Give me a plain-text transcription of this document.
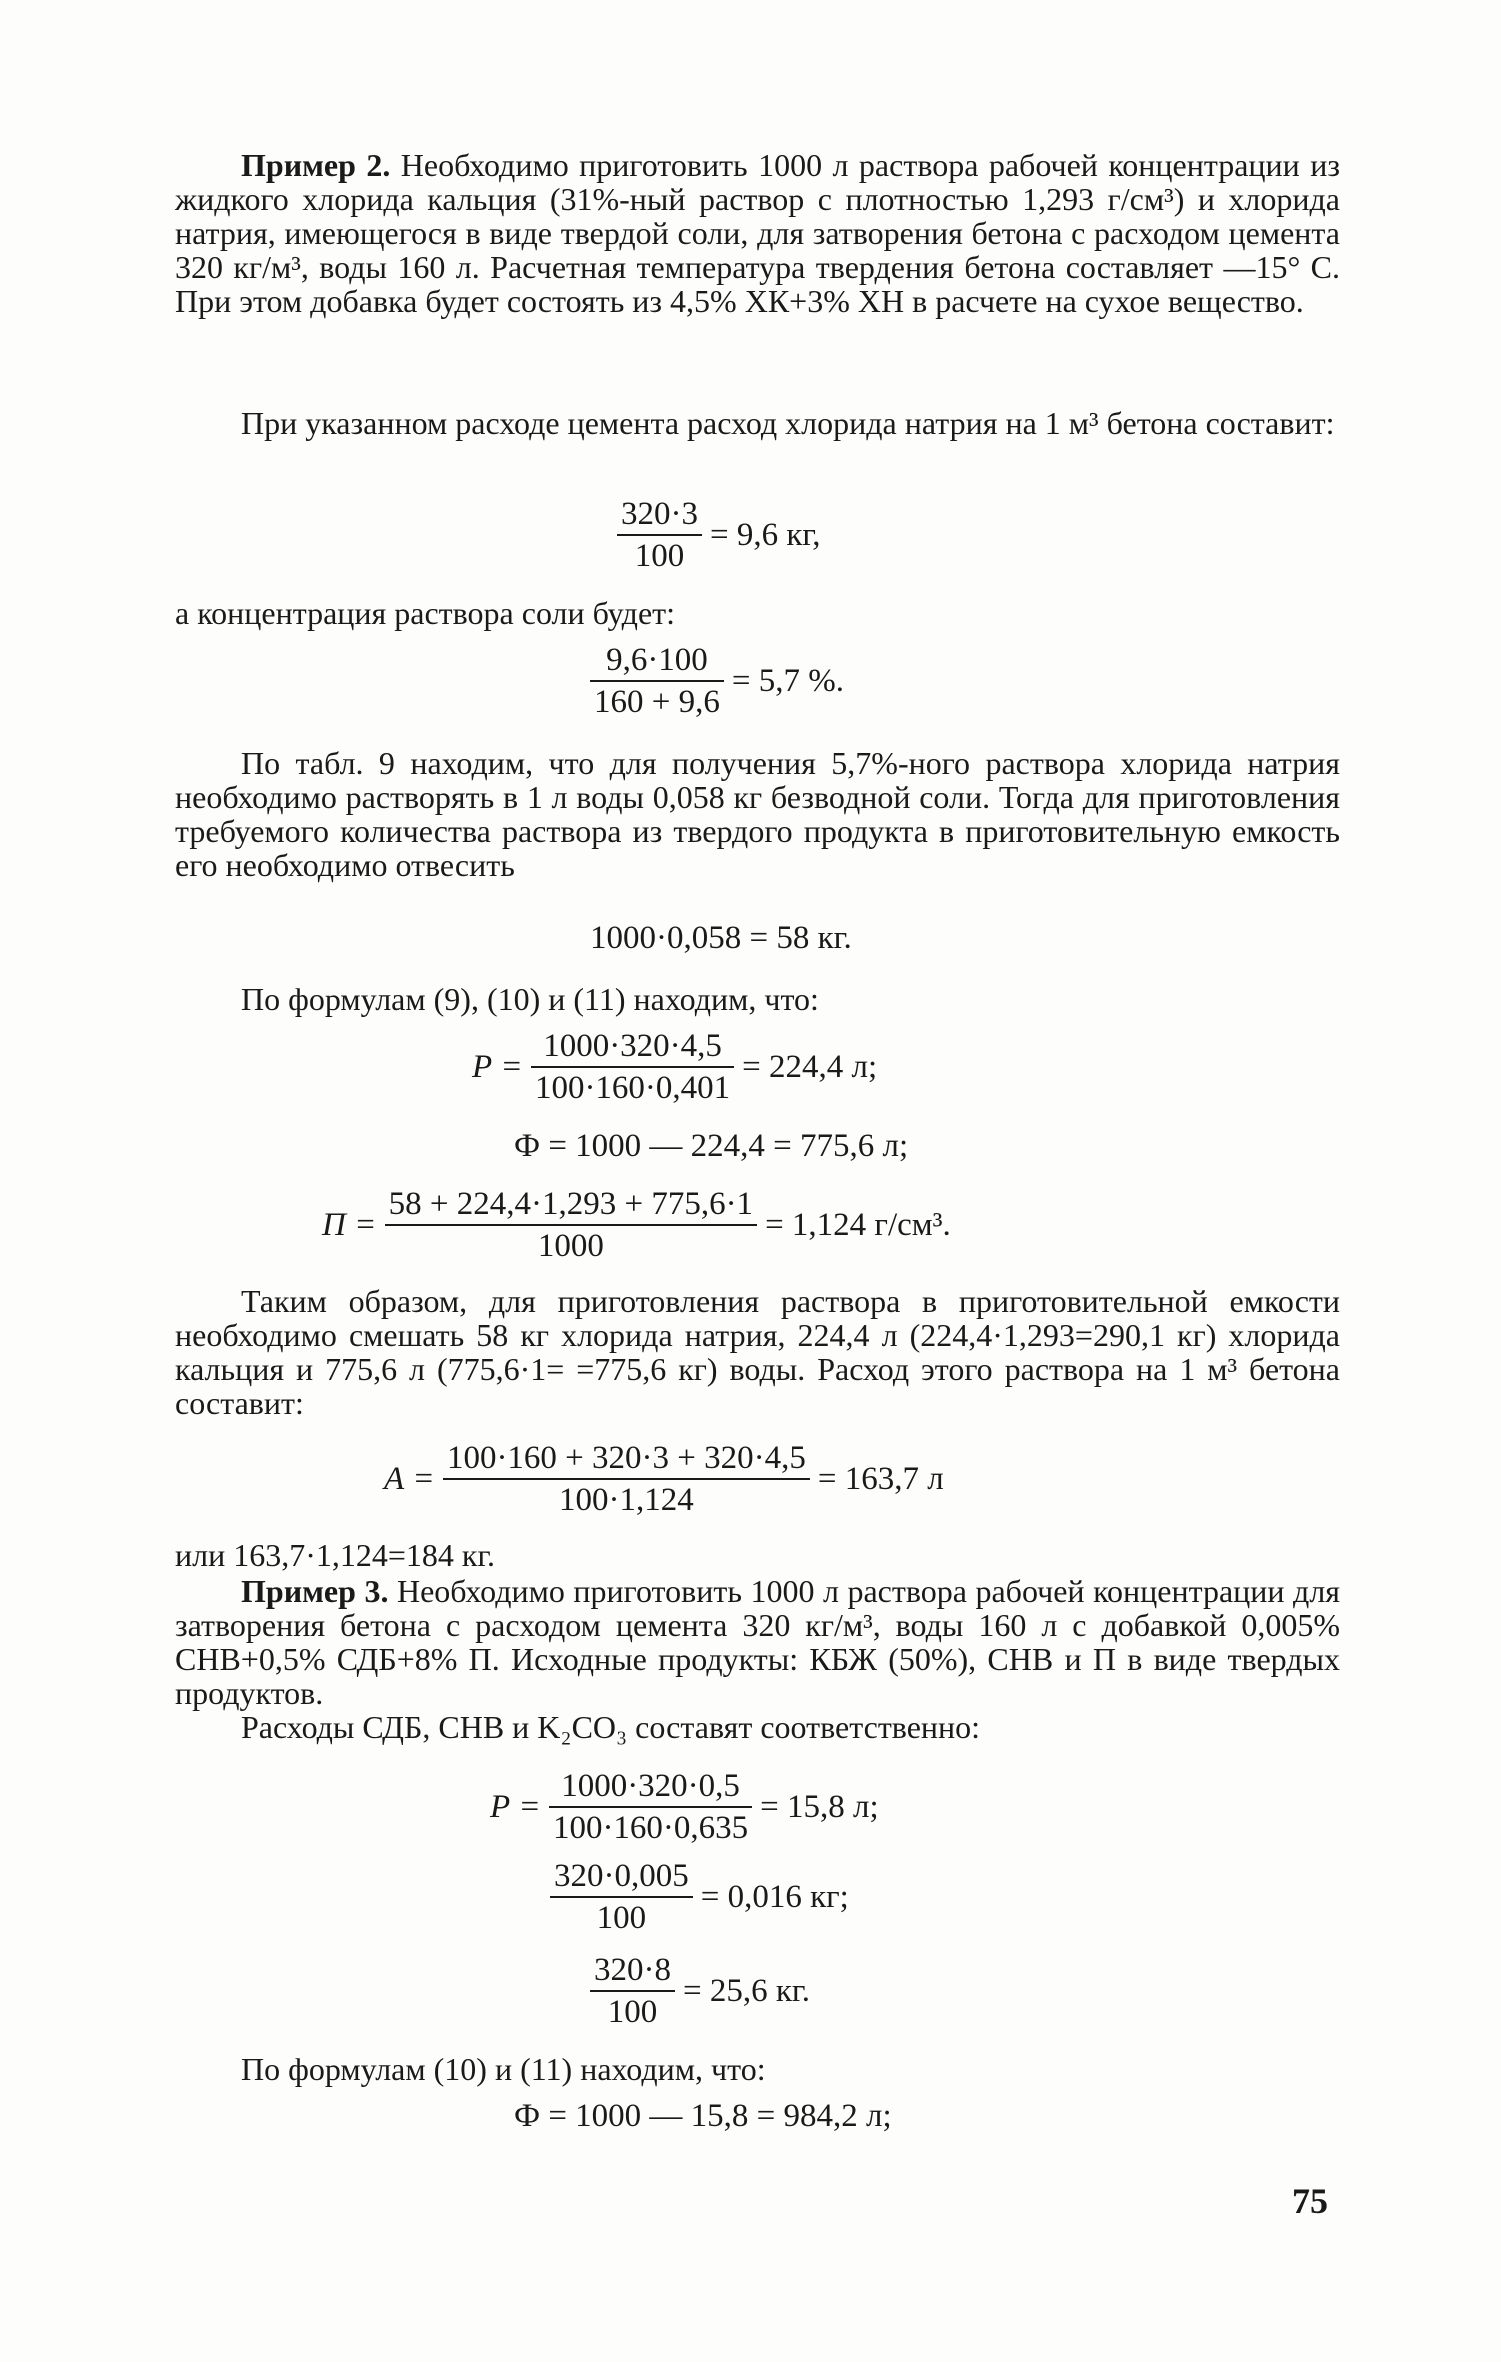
Пример 2. Необходимо приготовить 1000 л раствора рабочей концентрации из жидкого хлорида кальция (31%-ный раствор с плотностью 1,293 г/см³) и хлорида натрия, имеющегося в виде твердой соли, для затворения бетона с расходом цемента 320 кг/м³, воды 160 л. Расчетная температура твердения бетона составляет —15° С. При этом добавка будет состоять из 4,5% ХК+3% ХН в расчете на сухое вещество.

При указанном расходе цемента расход хлорида натрия на 1 м³ бетона составит:

$\frac{320\cdot 3}{100} = 9,6$ кг,

а концентрация раствора соли будет:

$\frac{9,6\cdot 100}{160 + 9,6} = 5,7$ %.

По табл. 9 находим, что для получения 5,7%-ного раствора хлорида натрия необходимо растворять в 1 л воды 0,058 кг безводной соли. Тогда для приготовления требуемого количества раствора из твердого продукта в приготовительную емкость его необходимо отвесить

1000·0,058 = 58 кг.

По формулам (9), (10) и (11) находим, что:

$Р = \frac{1000\cdot 320\cdot 4,5}{100\cdot 160\cdot 0,401} = 224,4$ л;
Ф = 1000 — 224,4 = 775,6 л;
$П = \frac{58 + 224,4\cdot 1,293 + 775,6\cdot 1}{1000} = 1,124$ г/см³.

Таким образом, для приготовления раствора в приготовительной емкости необходимо смешать 58 кг хлорида натрия, 224,4 л (224,4·1,293=290,1 кг) хлорида кальция и 775,6 л (775,6·1= =775,6 кг) воды. Расход этого раствора на 1 м³ бетона составит:

$А = \frac{100\cdot 160 + 320\cdot 3 + 320\cdot 4,5}{100\cdot 1,124} = 163,7$ л

или 163,7·1,124=184 кг.

Пример 3. Необходимо приготовить 1000 л раствора рабочей концентрации для затворения бетона с расходом цемента 320 кг/м³, воды 160 л с добавкой 0,005% СНВ+0,5% СДБ+8% П. Исходные продукты: КБЖ (50%), СНВ и П в виде твердых продуктов.

Расходы СДБ, СНВ и K₂CO₃ составят соответственно:

$Р = \frac{1000\cdot 320\cdot 0,5}{100\cdot 160\cdot 0,635} = 15,8$ л;
$\frac{320\cdot 0,005}{100} = 0,016$ кг;
$\frac{320\cdot 8}{100} = 25,6$ кг.

По формулам (10) и (11) находим, что:

Ф = 1000 — 15,8 = 984,2 л;
75
